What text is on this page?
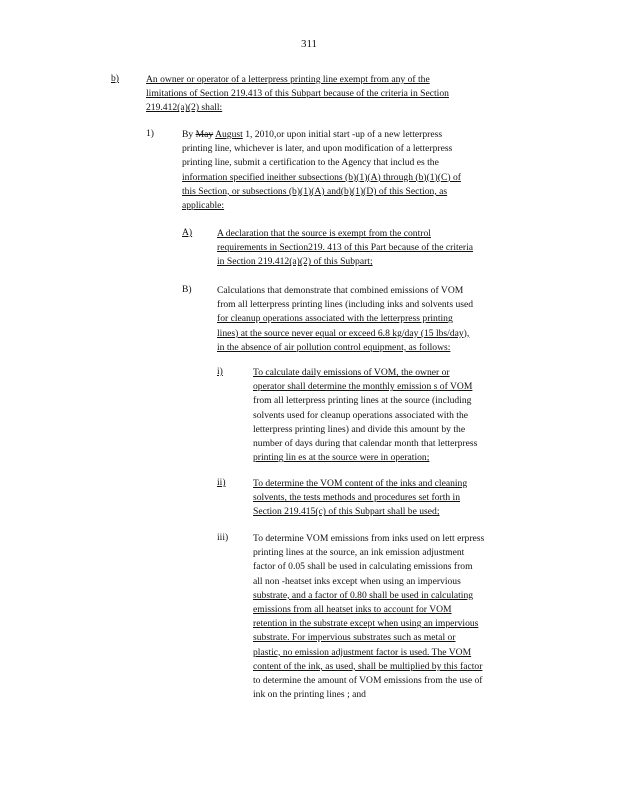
311
b)	An owner or operator of a letterpress printing line exempt from any of the
limitations of Section 219.413 of this Subpart because of the criteria in Section
219.412(a)(2) shall:
1)	By May August 1, 2010,or upon initial start -up of a new letterpress
printing line, whichever is later, and upon modification of a letterpress
printing line, submit a certification to the Agency that includ es the
information specified ineither subsections (b)(1)(A) through (b)(1)(C) of
this Section, or subsections (b)(1)(A) and(b)(1)(D) of this Section, as
applicable:
A)	A declaration that the source is exempt from the control
requirements in Section219. 413 of this Part because of the criteria
in Section 219.412(a)(2) of this Subpart;
B)	Calculations that demonstrate that combined emissions of VOM
from all letterpress printing lines (including inks and solvents used
for cleanup operations associated with the letterpress printing
lines) at the source never equal or exceed 6.8 kg/day (15 lbs/day),
in the absence of air pollution control equipment, as follows:
i)	To calculate daily emissions of VOM, the owner or
operator shall determine the monthly emission s of VOM
from all letterpress printing lines at the source (including
solvents used for cleanup operations associated with the
letterpress printing lines) and divide this amount by the
number of days during that calendar month that letterpress
printing lin es at the source were in operation;
ii)	To determine the VOM content of the inks and cleaning
solvents, the tests methods and procedures set forth in
Section 219.415(c) of this Subpart shall be used;
iii)	To determine VOM emissions from inks used on lett erpress
printing lines at the source, an ink emission adjustment
factor of 0.05 shall be used in calculating emissions from
all non -heatset inks except when using an impervious
substrate, and a factor of 0.80 shall be used in calculating
emissions from all heatset inks to account for VOM
retention in the substrate except when using an impervious
substrate. For impervious substrates such as metal or
plastic, no emission adjustment factor is used. The VOM
content of the ink, as used, shall be multiplied by this factor
to determine the amount of VOM emissions from the use of
ink on the printing lines ; and
